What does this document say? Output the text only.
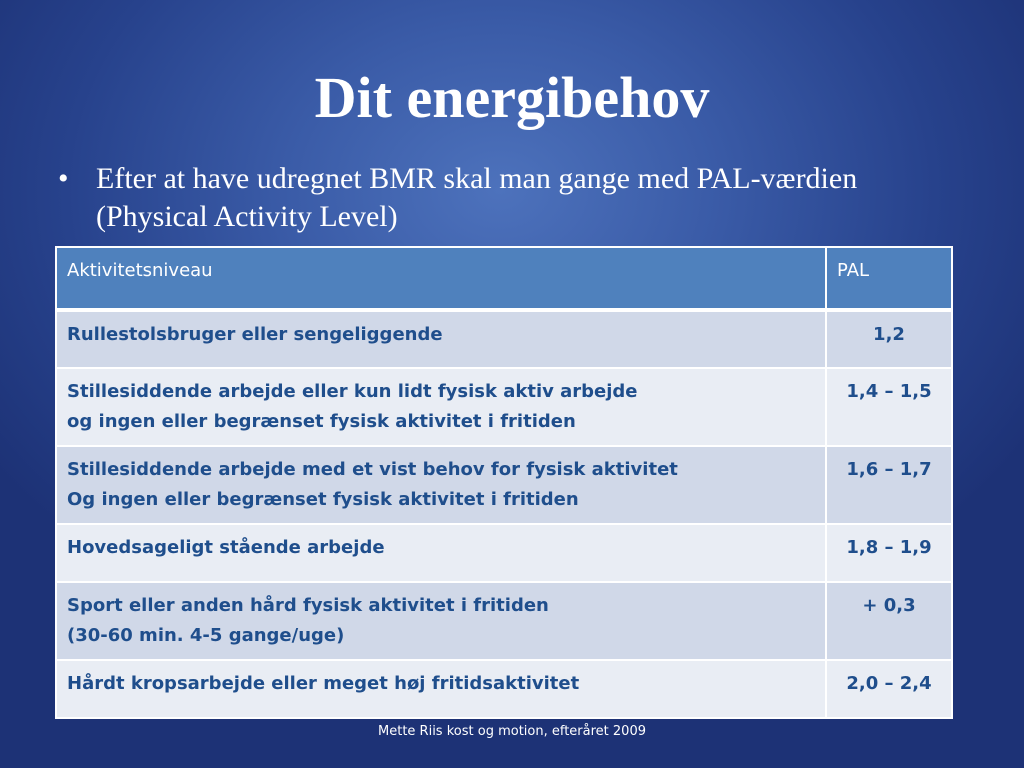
Dit energibehov
• Efter at have udregnet BMR skal man gange med PAL-værdien (Physical Activity Level)
Aktivitetsniveau	PAL

Rullestolsbruger eller sengeliggende	1,2

Stillesiddende arbejde eller kun lidt fysisk aktiv arbejde
og ingen eller begrænset fysisk aktivitet i fritiden	1,4 – 1,5

Stillesiddende arbejde med et vist behov for fysisk aktivitet
Og ingen eller begrænset fysisk aktivitet i fritiden	1,6 – 1,7

Hovedsageligt stående arbejde	1,8 – 1,9

Sport eller anden hård fysisk aktivitet i fritiden
(30-60 min. 4-5 gange/uge)	+ 0,3

Hårdt kropsarbejde eller meget høj fritidsaktivitet	2,0 – 2,4
Mette Riis kost og motion, efteråret 2009
